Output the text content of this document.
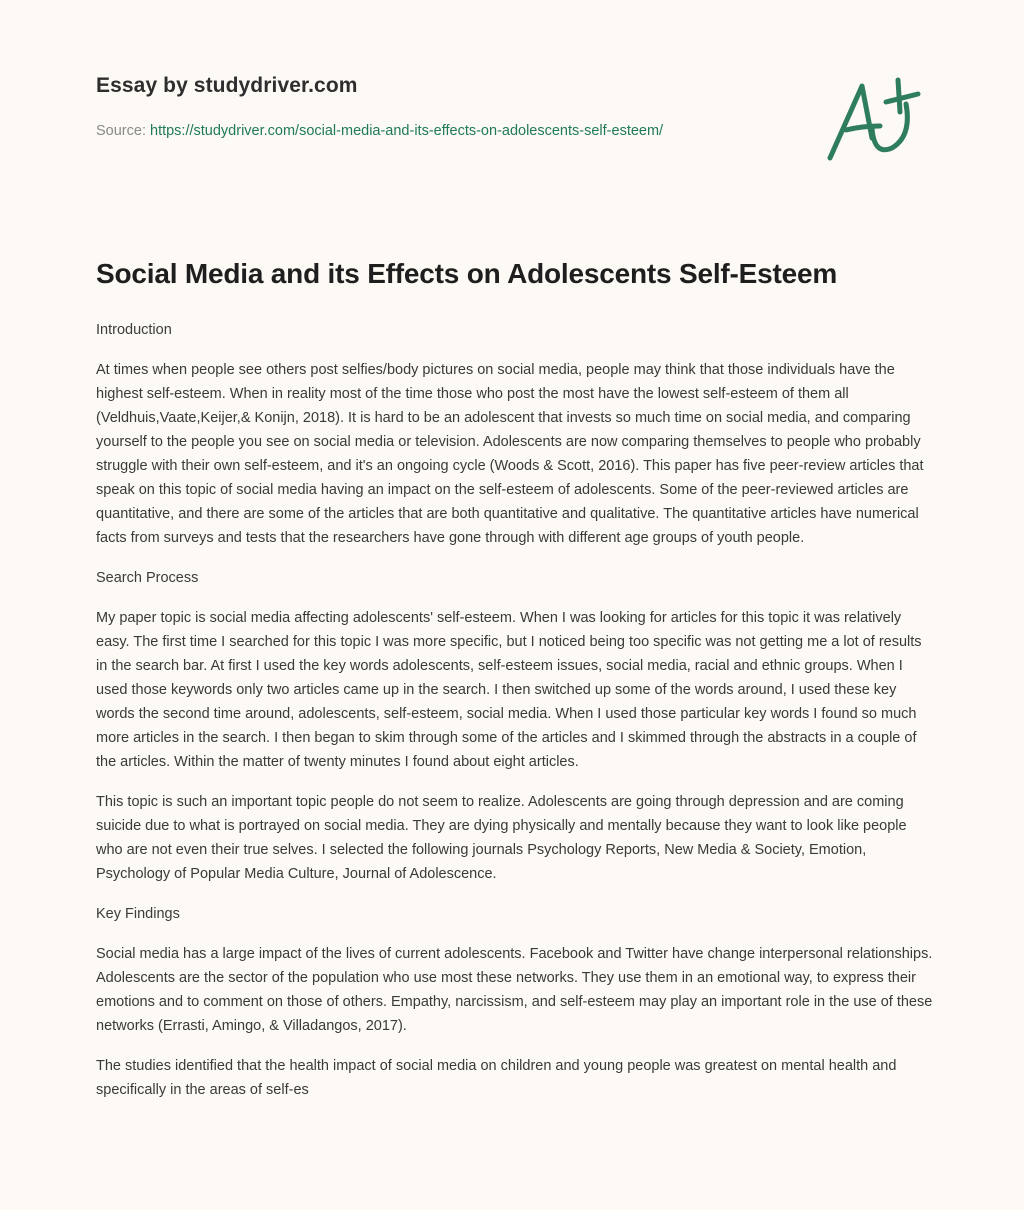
Essay by studydriver.com
Source: https://studydriver.com/social-media-and-its-effects-on-adolescents-self-esteem/
Social Media and its Effects on Adolescents Self-Esteem

Introduction

At times when people see others post selfies/body pictures on social media, people may think that those individuals have the highest self-esteem. When in reality most of the time those who post the most have the lowest self-esteem of them all (Veldhuis,Vaate,Keijer,& Konijn, 2018). It is hard to be an adolescent that invests so much time on social media, and comparing yourself to the people you see on social media or television. Adolescents are now comparing themselves to people who probably struggle with their own self-esteem, and it's an ongoing cycle (Woods & Scott, 2016). This paper has five peer-review articles that speak on this topic of social media having an impact on the self-esteem of adolescents. Some of the peer-reviewed articles are quantitative, and there are some of the articles that are both quantitative and qualitative. The quantitative articles have numerical facts from surveys and tests that the researchers have gone through with different age groups of youth people.

Search Process

My paper topic is social media affecting adolescents' self-esteem. When I was looking for articles for this topic it was relatively easy. The first time I searched for this topic I was more specific, but I noticed being too specific was not getting me a lot of results in the search bar. At first I used the key words adolescents, self-esteem issues, social media, racial and ethnic groups. When I used those keywords only two articles came up in the search. I then switched up some of the words around, I used these key words the second time around, adolescents, self-esteem, social media. When I used those particular key words I found so much more articles in the search. I then began to skim through some of the articles and I skimmed through the abstracts in a couple of the articles. Within the matter of twenty minutes I found about eight articles.

This topic is such an important topic people do not seem to realize. Adolescents are going through depression and are coming suicide due to what is portrayed on social media. They are dying physically and mentally because they want to look like people who are not even their true selves. I selected the following journals Psychology Reports, New Media & Society, Emotion, Psychology of Popular Media Culture, Journal of Adolescence.

Key Findings

Social media has a large impact of the lives of current adolescents. Facebook and Twitter have change interpersonal relationships. Adolescents are the sector of the population who use most these networks. They use them in an emotional way, to express their emotions and to comment on those of others. Empathy, narcissism, and self-esteem may play an important role in the use of these networks (Errasti, Amingo, & Villadangos, 2017).

The studies identified that the health impact of social media on children and young people was greatest on mental health and specifically in the areas of self-es
